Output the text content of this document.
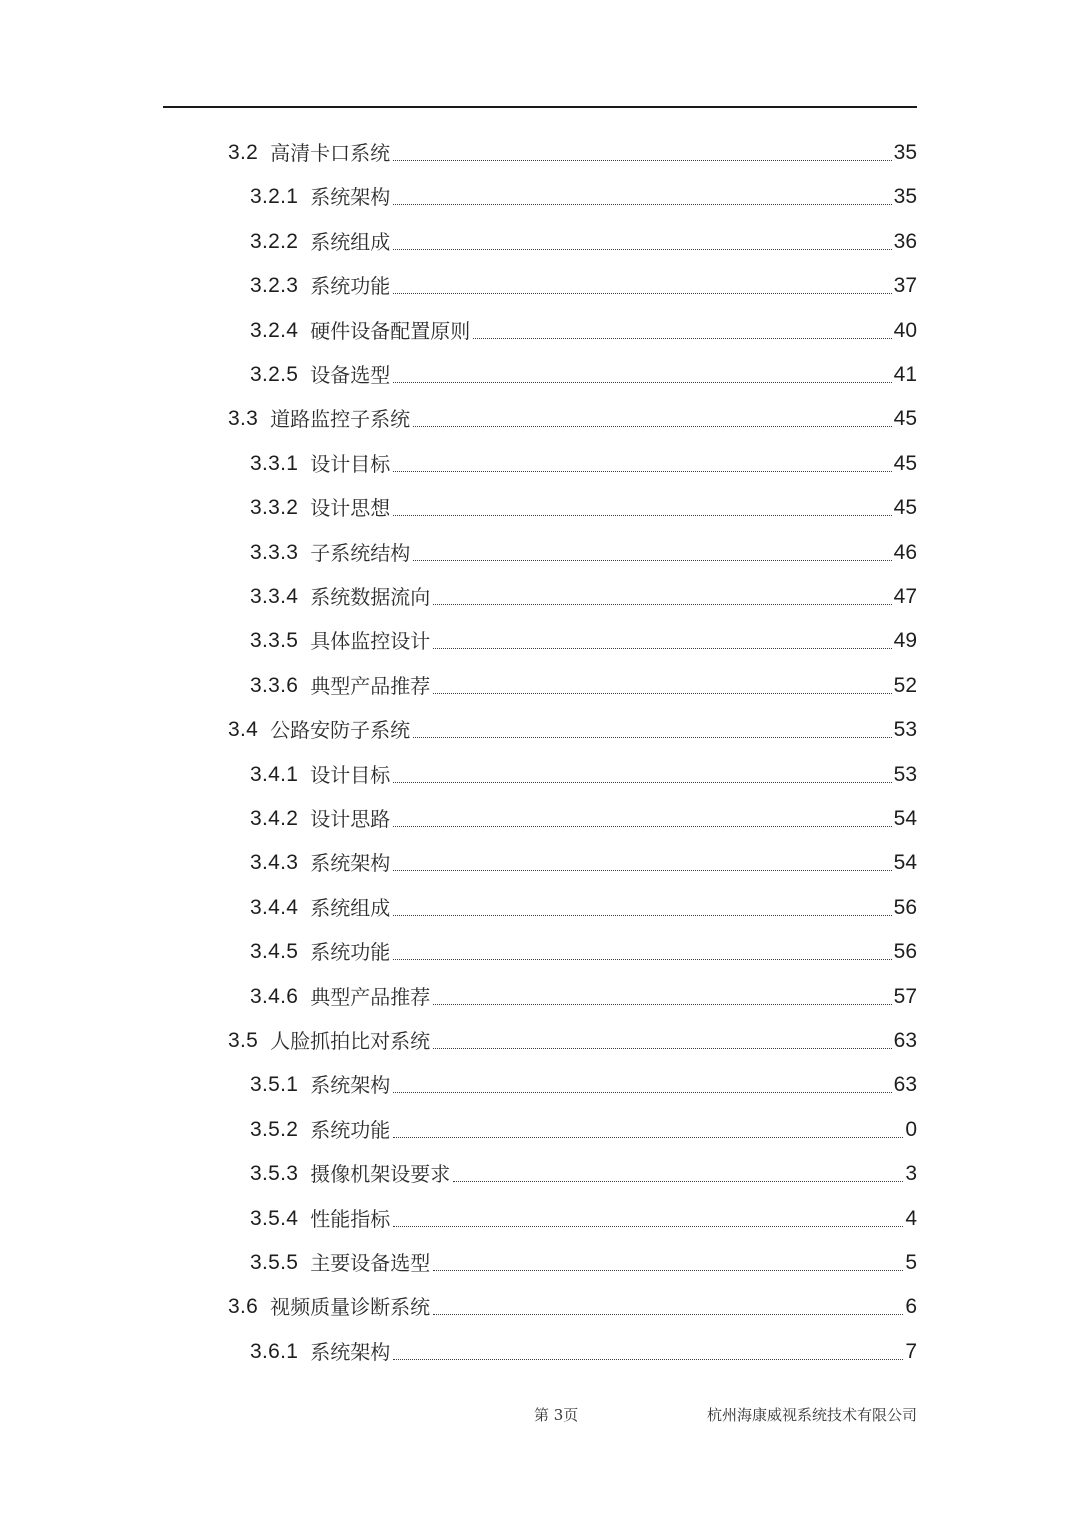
3.2 高清卡口系统	35
3.2.1 系统架构	35
3.2.2 系统组成	36
3.2.3 系统功能	37
3.2.4 硬件设备配置原则	40
3.2.5 设备选型	41
3.3 道路监控子系统	45
3.3.1 设计目标	45
3.3.2 设计思想	45
3.3.3 子系统结构	46
3.3.4 系统数据流向	47
3.3.5 具体监控设计	49
3.3.6 典型产品推荐	52
3.4 公路安防子系统	53
3.4.1 设计目标	53
3.4.2 设计思路	54
3.4.3 系统架构	54
3.4.4 系统组成	56
3.4.5 系统功能	56
3.4.6 典型产品推荐	57
3.5 人脸抓拍比对系统	63
3.5.1 系统架构	63
3.5.2 系统功能	0
3.5.3 摄像机架设要求	3
3.5.4 性能指标	4
3.5.5 主要设备选型	5
3.6 视频质量诊断系统	6
3.6.1 系统架构	7
第 3页	杭州海康威视系统技术有限公司
